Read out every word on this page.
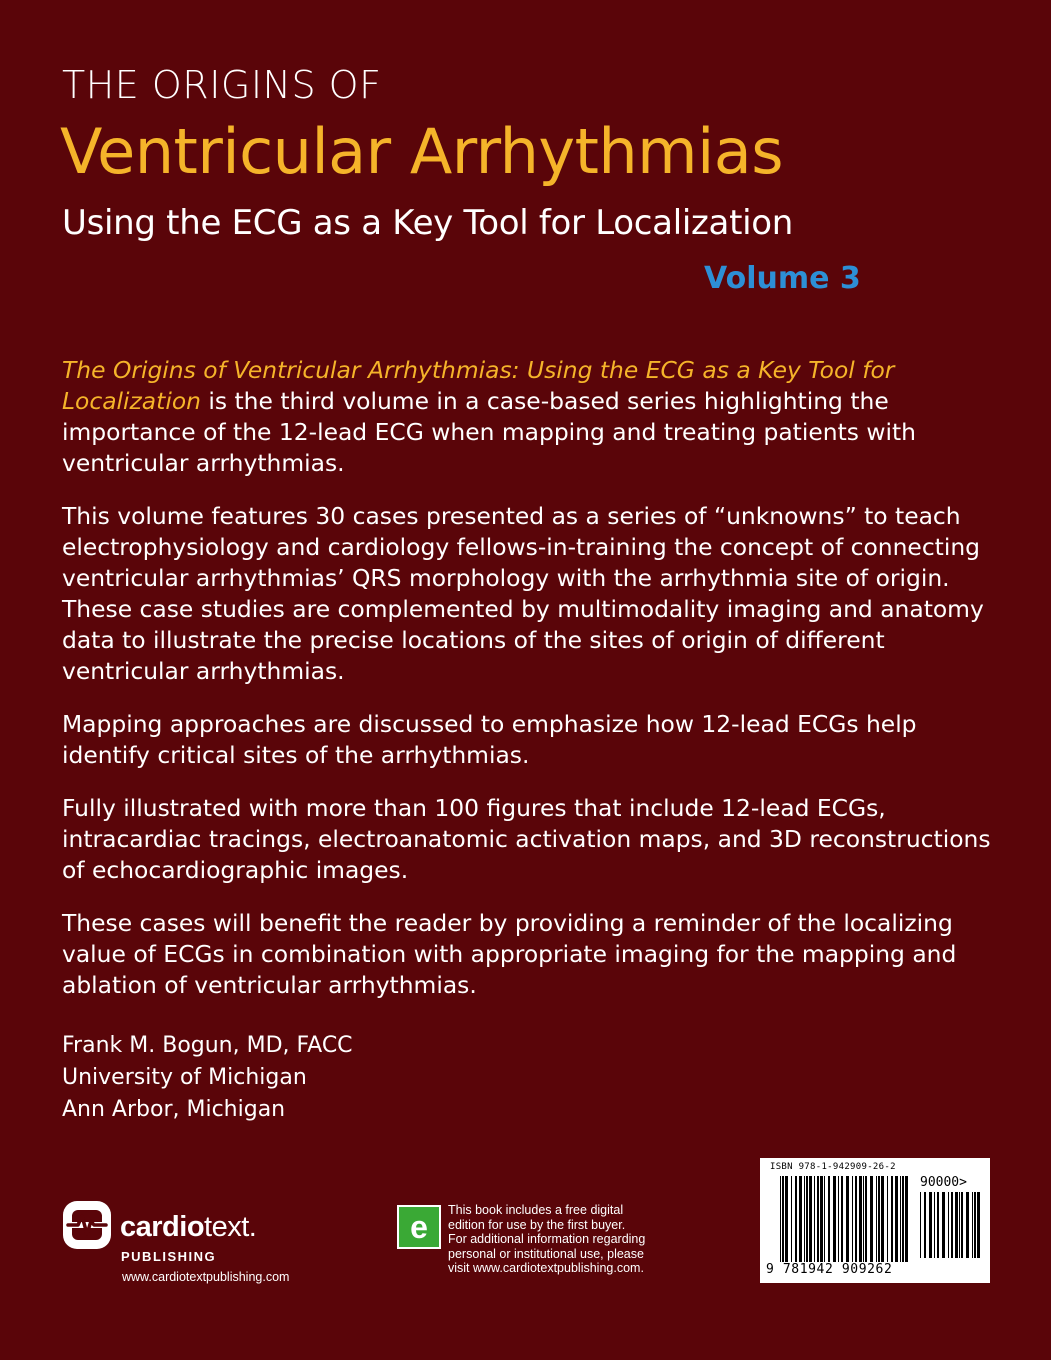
THE ORIGINS OF
Ventricular Arrhythmias
Using the ECG as a Key Tool for Localization
Volume 3

The Origins of Ventricular Arrhythmias: Using the ECG as a Key Tool for Localization is the third volume in a case-based series highlighting the importance of the 12-lead ECG when mapping and treating patients with ventricular arrhythmias.

This volume features 30 cases presented as a series of “unknowns” to teach electrophysiology and cardiology fellows-in-training the concept of connecting ventricular arrhythmias’ QRS morphology with the arrhythmia site of origin. These case studies are complemented by multimodality imaging and anatomy data to illustrate the precise locations of the sites of origin of different ventricular arrhythmias.

Mapping approaches are discussed to emphasize how 12-lead ECGs help identify critical sites of the arrhythmias.

Fully illustrated with more than 100 figures that include 12-lead ECGs, intracardiac tracings, electroanatomic activation maps, and 3D reconstructions of echocardiographic images.

These cases will benefit the reader by providing a reminder of the localizing value of ECGs in combination with appropriate imaging for the mapping and ablation of ventricular arrhythmias.

Frank M. Bogun, MD, FACC
University of Michigan
Ann Arbor, Michigan
cardiotext.
PUBLISHING
www.cardiotextpublishing.com
e This book includes a free digital
edition for use by the first buyer.
For additional information regarding
personal or institutional use, please
visit www.cardiotextpublishing.com.
ISBN 978-1-942909-26-2
90000>
9 781942 909262
